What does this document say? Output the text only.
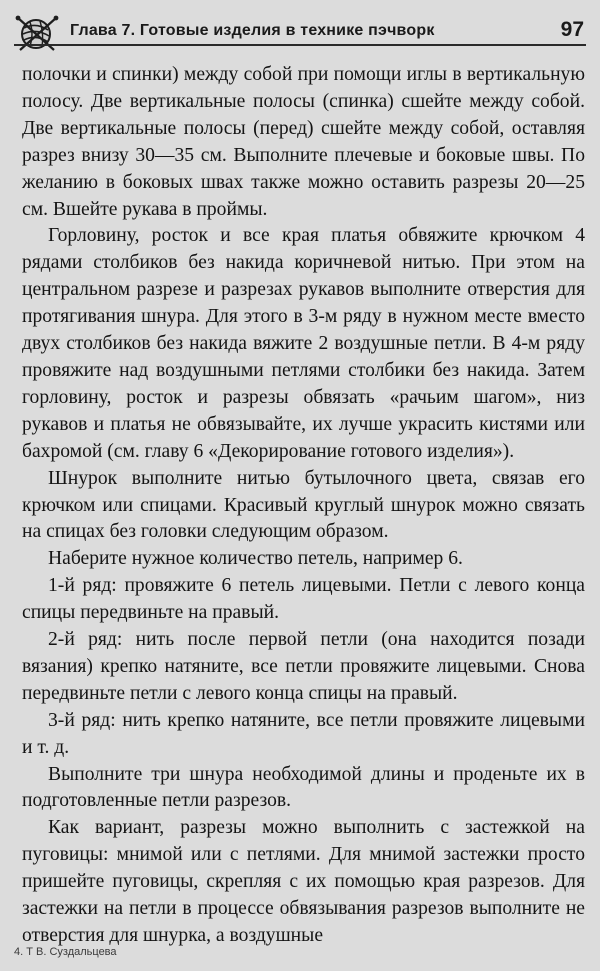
Глава 7. Готовые изделия в технике пэчворк	97

полочки и спинки) между собой при помощи иглы в вертикальную полосу. Две вертикальные полосы (спинка) сшейте между собой. Две вертикальные полосы (перед) сшейте между собой, оставляя разрез внизу 30—35 см. Выполните плечевые и боковые швы. По желанию в боковых швах также можно оставить разрезы 20—25 см. Вшейте рукава в проймы.

Горловину, росток и все края платья обвяжите крючком 4 рядами столбиков без накида коричневой нитью. При этом на центральном разрезе и разрезах рукавов выполните отверстия для протягивания шнура. Для этого в 3-м ряду в нужном месте вместо двух столбиков без накида вяжите 2 воздушные петли. В 4-м ряду провяжите над воздушными петлями столбики без накида. Затем горловину, росток и разрезы обвязать «рачьим шагом», низ рукавов и платья не обвязывайте, их лучше украсить кистями или бахромой (см. главу 6 «Декорирование готового изделия»).

Шнурок выполните нитью бутылочного цвета, связав его крючком или спицами. Красивый круглый шнурок можно связать на спицах без головки следующим образом.

Наберите нужное количество петель, например 6.

1-й ряд: провяжите 6 петель лицевыми. Петли с левого конца спицы передвиньте на правый.

2-й ряд: нить после первой петли (она находится позади вязания) крепко натяните, все петли провяжите лицевыми. Снова передвиньте петли с левого конца спицы на правый.

3-й ряд: нить крепко натяните, все петли провяжите лицевыми и т. д.

Выполните три шнура необходимой длины и проденьте их в подготовленные петли разрезов.

Как вариант, разрезы можно выполнить с застежкой на пуговицы: мнимой или с петлями. Для мнимой застежки просто пришейте пуговицы, скрепляя с их помощью края разрезов. Для застежки на петли в процессе обвязывания разрезов выполните не отверстия для шнурка, а воздушные

4. Т В. Суздальцева
